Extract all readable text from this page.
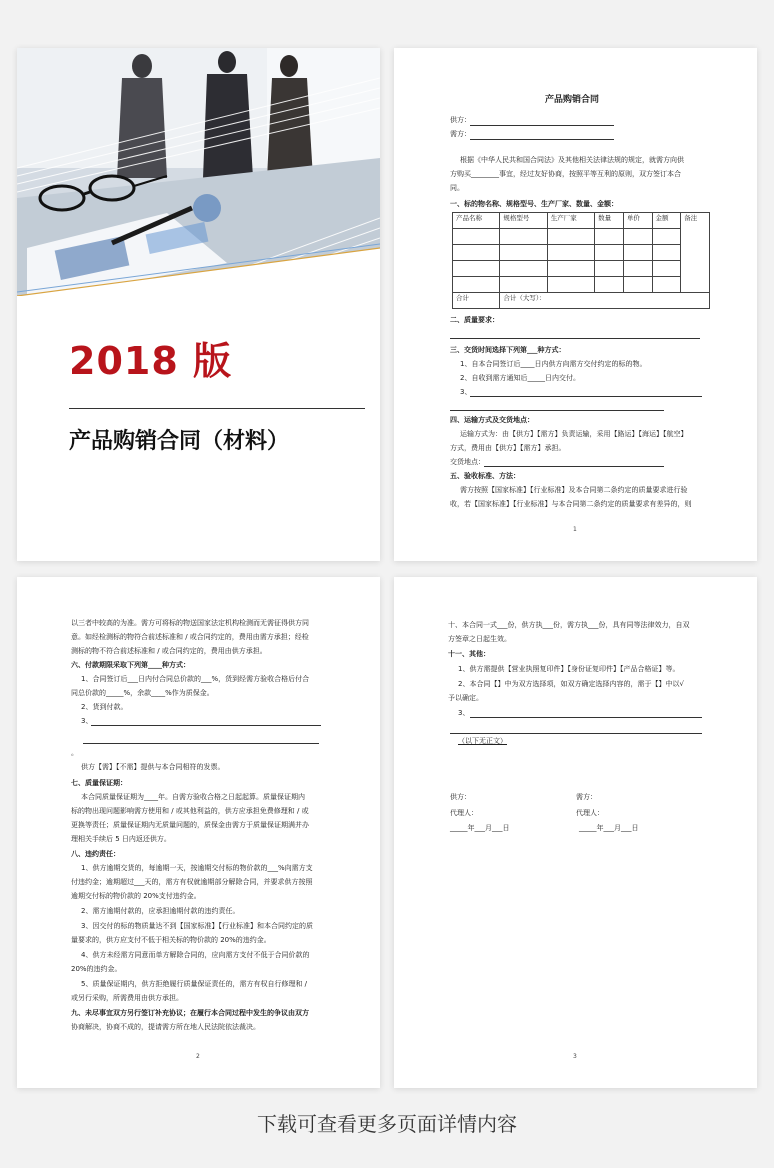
2018 版
产品购销合同（材料）
产品购销合同
供方：
需方：
根据《中华人民共和国合同法》及其他相关法律法规的规定，就需方向供
方购买________事宜，经过友好协商，按照平等互利的原则，双方签订本合
同。
一、标的物名称、规格型号、生产厂家、数量、金额：
产品名称	规格型号	生产厂家	数量	单价	金额	备注

合计	合计（大写）：					
二、质量要求：
三、交货时间选择下列第___种方式：
1、自本合同签订后____日内供方向需方交付约定的标的物。
2、自收到需方通知后_____日内交付。
3、
四、运输方式及交货地点：
运输方式为：由【供方】【需方】负责运输，采用【路运】【海运】【航空】
方式，费用由【供方】【需方】承担。
交货地点：
五、验收标准、方法：
需方按照【国家标准】【行业标准】及本合同第二条约定的质量要求进行验
收，若【国家标准】【行业标准】与本合同第二条约定的质量要求有差异的，则
1
以三者中较高的为准。需方可将标的物送国家法定机构检测而无需征得供方同
意。如经检测标的物符合前述标准和 / 或合同约定的，费用由需方承担；经检
测标的物不符合前述标准和 / 或合同约定的，费用由供方承担。
六、付款期限采取下列第____种方式：
1、合同签订后___日内付合同总价款的___%，货到经需方验收合格后付合
同总价款的_____%，余款____%作为质保金。
2、货到付款。
3、
。
供方【需】【不需】提供与本合同相符的发票。
七、质量保证期：
本合同质量保证期为____年。自需方验收合格之日起起算。质量保证期内
标的物出现问题影响需方使用和 / 或其他利益的，供方应承担免费修理和 / 或
更换等责任；质量保证期内无质量问题的，质保金由需方于质量保证期满并办
理相关手续后 5 日内返还供方。
八、违约责任：
1、供方逾期交货的，每逾期一天，按逾期交付标的物价款的___%向需方支
付违约金；逾期超过___天的，需方有权就逾期部分解除合同，并要求供方按照
逾期交付标的物价款的 20%支付违约金。
2、需方逾期付款的，应承担逾期付款的违约责任。
3、因交付的标的物质量达不到【国家标准】【行业标准】和本合同约定的质
量要求的，供方应支付不低于相关标的物价款的 20%的违约金。
4、供方未经需方同意而单方解除合同的，应向需方支付不低于合同价款的
20%的违约金。
5、质量保证期内，供方拒绝履行质量保证责任的，需方有权自行修理和 /
或另行采购，所需费用由供方承担。
九、未尽事宜双方另行签订补充协议；在履行本合同过程中发生的争议由双方
协商解决，协商不成的，提请需方所在地人民法院依法裁决。
2
十、本合同一式___份，供方执___份，需方执___份，具有同等法律效力，自双
方签章之日起生效。
十一、其他：
1、供方需提供【营业执照复印件】【身份证复印件】【产品合格证】等。
2、本合同【】中为双方选择项，如双方确定选择内容的，需于【】中以√
予以确定。
3、
（以下无正文）
供方：	需方：
代理人：	代理人：
_____年___月___日	_____年___月___日
3
下载可查看更多页面详情内容
